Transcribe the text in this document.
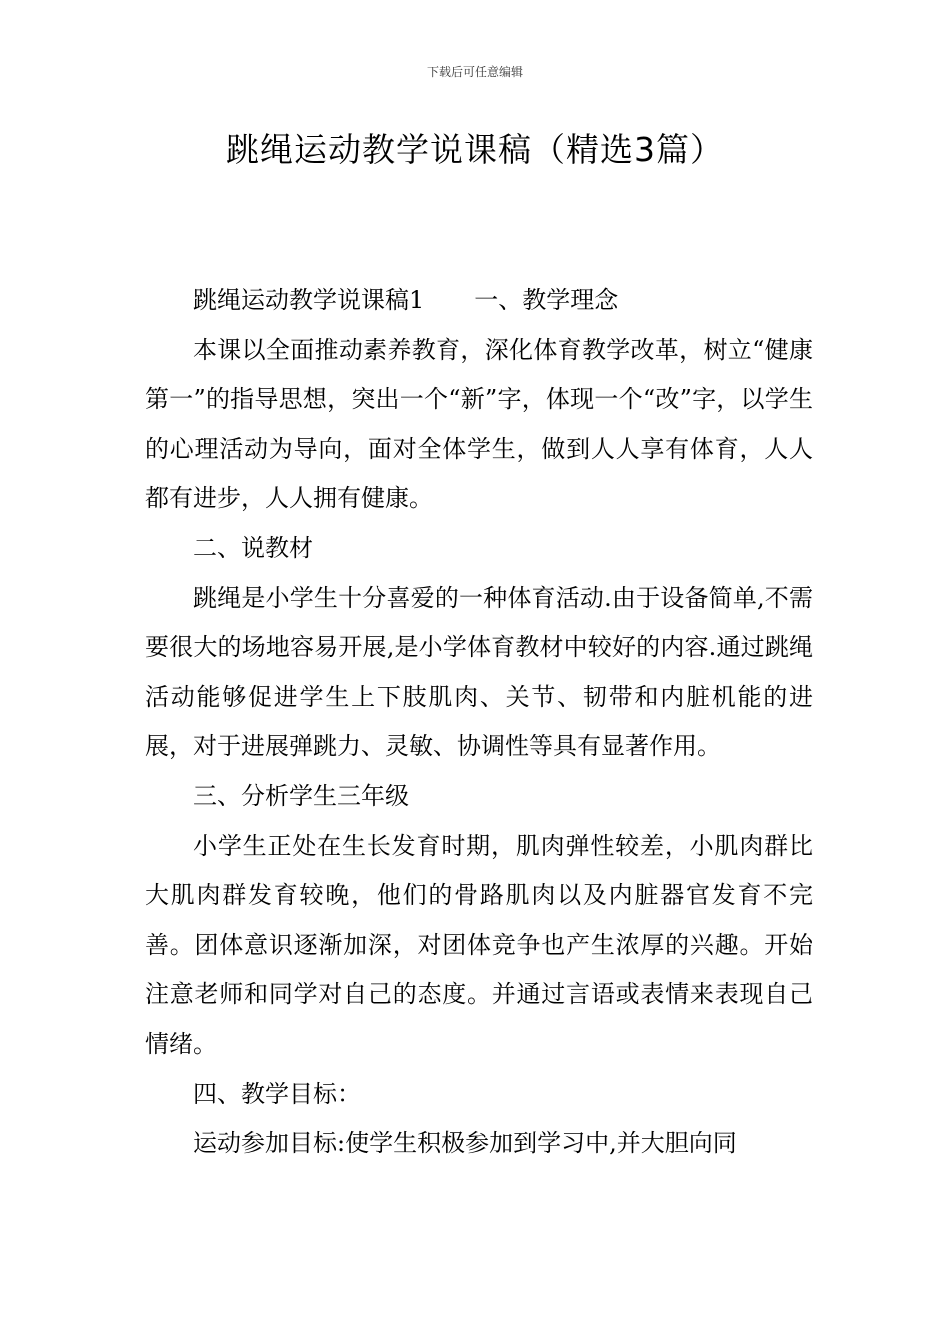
下载后可任意编辑
跳绳运动教学说课稿（精选3篇）

跳绳运动教学说课稿1 一、教学理念

本课以全面推动素养教育，深化体育教学改革，树立“健康第一”的指导思想，突出一个“新”字，体现一个“改”字，以学生的心理活动为导向，面对全体学生，做到人人享有体育，人人都有进步，人人拥有健康。

二、说教材

跳绳是小学生十分喜爱的一种体育活动.由于设备简单,不需要很大的场地容易开展,是小学体育教材中较好的内容.通过跳绳活动能够促进学生上下肢肌肉、关节、韧带和内脏机能的进展，对于进展弹跳力、灵敏、协调性等具有显著作用。

三、分析学生三年级

小学生正处在生长发育时期，肌肉弹性较差，小肌肉群比大肌肉群发育较晚，他们的骨路肌肉以及内脏器官发育不完善。团体意识逐渐加深，对团体竞争也产生浓厚的兴趣。开始注意老师和同学对自己的态度。并通过言语或表情来表现自己情绪。

四、教学目标：

运动参加目标:使学生积极参加到学习中,并大胆向同
